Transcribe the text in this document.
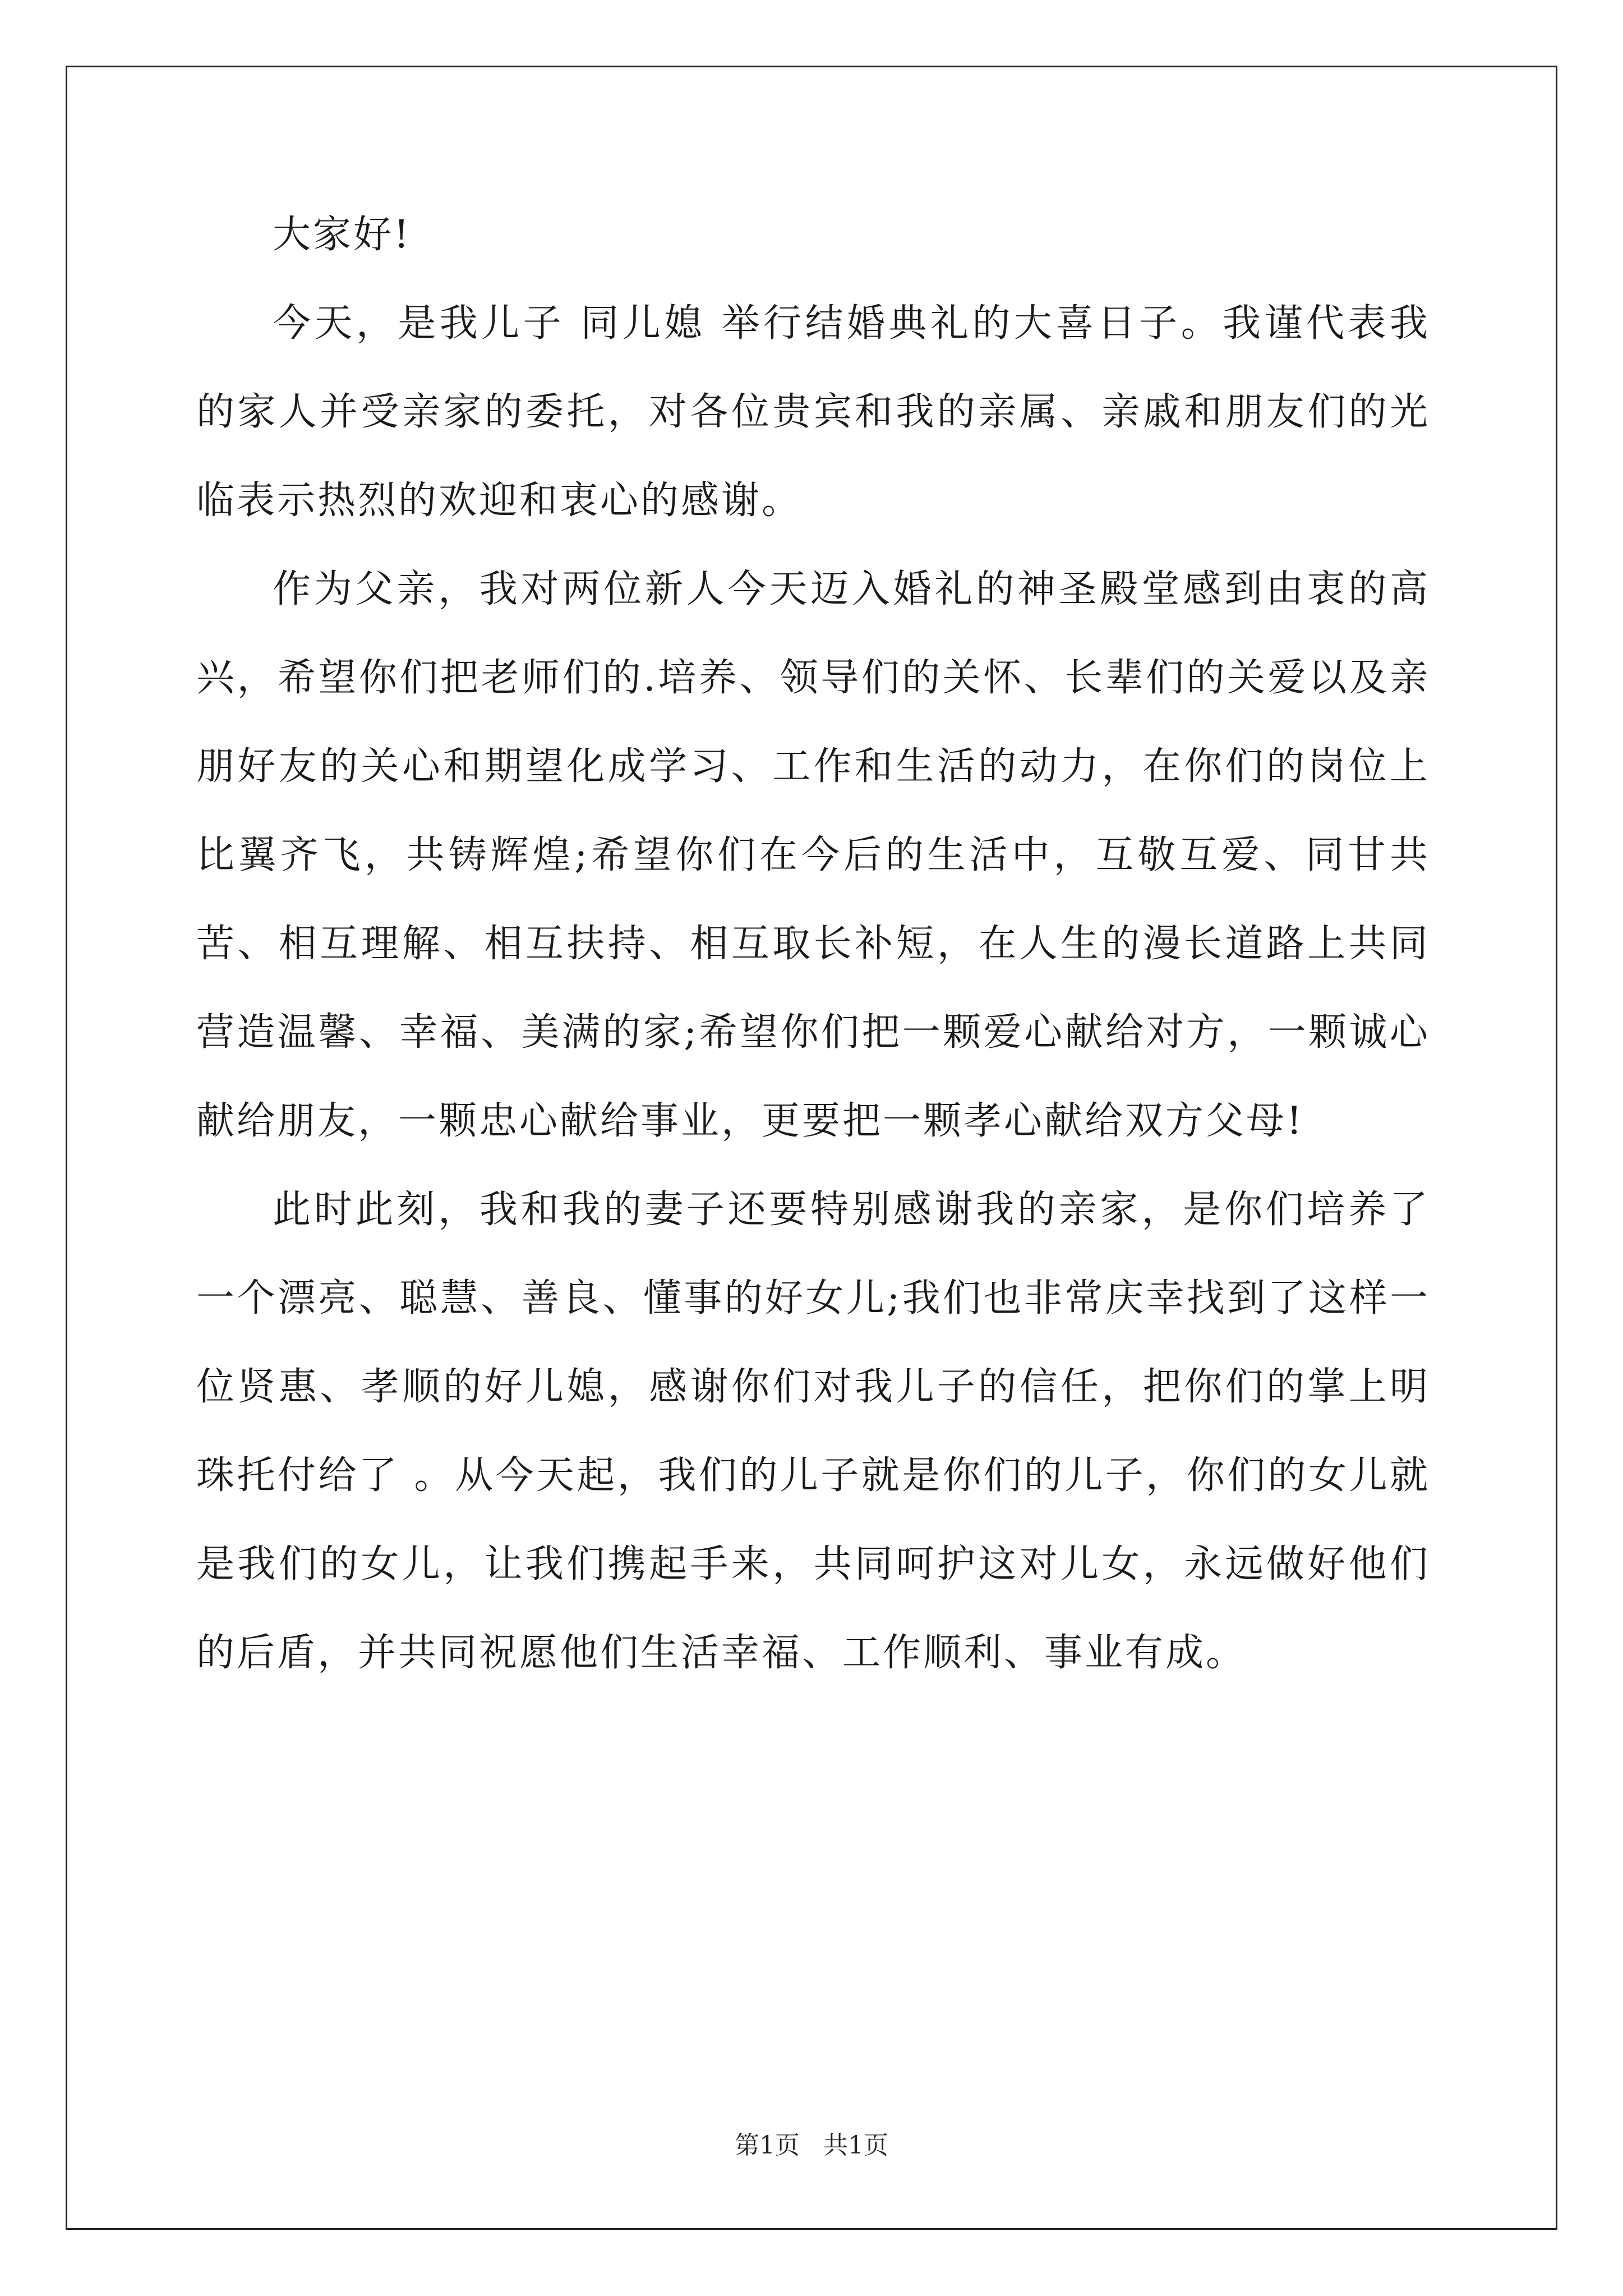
大家好!

今天，是我儿子 同儿媳 举行结婚典礼的大喜日子。我谨代表我的家人并受亲家的委托，对各位贵宾和我的亲属、亲戚和朋友们的光临表示热烈的欢迎和衷心的感谢。

作为父亲，我对两位新人今天迈入婚礼的神圣殿堂感到由衷的高兴，希望你们把老师们的.培养、领导们的关怀、长辈们的关爱以及亲朋好友的关心和期望化成学习、工作和生活的动力，在你们的岗位上比翼齐飞，共铸辉煌;希望你们在今后的生活中，互敬互爱、同甘共苦、相互理解、相互扶持、相互取长补短，在人生的漫长道路上共同营造温馨、幸福、美满的家;希望你们把一颗爱心献给对方，一颗诚心献给朋友，一颗忠心献给事业，更要把一颗孝心献给双方父母!

此时此刻，我和我的妻子还要特别感谢我的亲家，是你们培养了一个漂亮、聪慧、善良、懂事的好女儿;我们也非常庆幸找到了这样一位贤惠、孝顺的好儿媳，感谢你们对我儿子的信任，把你们的掌上明珠托付给了 。从今天起，我们的儿子就是你们的儿子，你们的女儿就是我们的女儿，让我们携起手来，共同呵护这对儿女，永远做好他们的后盾，并共同祝愿他们生活幸福、工作顺利、事业有成。

第1页 共1页
